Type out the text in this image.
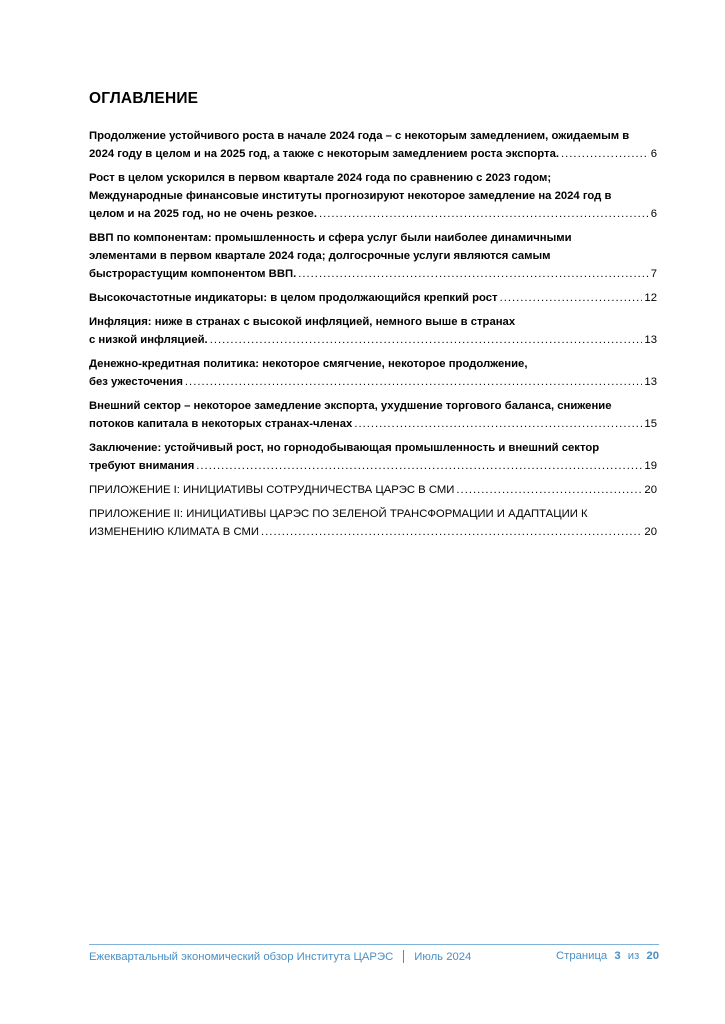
ОГЛАВЛЕНИЕ
Продолжение устойчивого роста в начале 2024 года – с некоторым замедлением, ожидаемым в
2024 году в целом и на 2025 год, а также с некоторым замедлением роста экспорта. .....	6
Рост в целом ускорился в первом квартале 2024 года по сравнению с 2023 годом;
Международные финансовые институты прогнозируют некоторое замедление на 2024 год в
целом и на 2025 год, но не очень резкое. .....	6
ВВП по компонентам: промышленность и сфера услуг были наиболее динамичными
элементами в первом квартале 2024 года; долгосрочные услуги являются самым
быстрорастущим компонентом ВВП. .....	7
Высокочастотные индикаторы: в целом продолжающийся крепкий рост .....	12
Инфляция: ниже в странах с высокой инфляцией, немного выше в странах
с низкой инфляцией. .....	13
Денежно-кредитная политика: некоторое смягчение, некоторое продолжение,
без ужесточения .....	13
Внешний сектор – некоторое замедление экспорта, ухудшение торгового баланса, снижение
потоков капитала в некоторых странах-членах .....	15
Заключение: устойчивый рост, но горнодобывающая промышленность и внешний сектор
требуют внимания .....	19
ПРИЛОЖЕНИЕ I: ИНИЦИАТИВЫ СОТРУДНИЧЕСТВА ЦАРЭС В СМИ .....	20
ПРИЛОЖЕНИЕ II: ИНИЦИАТИВЫ ЦАРЭС ПО ЗЕЛЕНОЙ ТРАНСФОРМАЦИИ И АДАПТАЦИИ К
ИЗМЕНЕНИЮ КЛИМАТА В СМИ .....	20
Ежеквартальный экономический обзор Института ЦАРЭС Июль 2024	Страница 3 из 20
